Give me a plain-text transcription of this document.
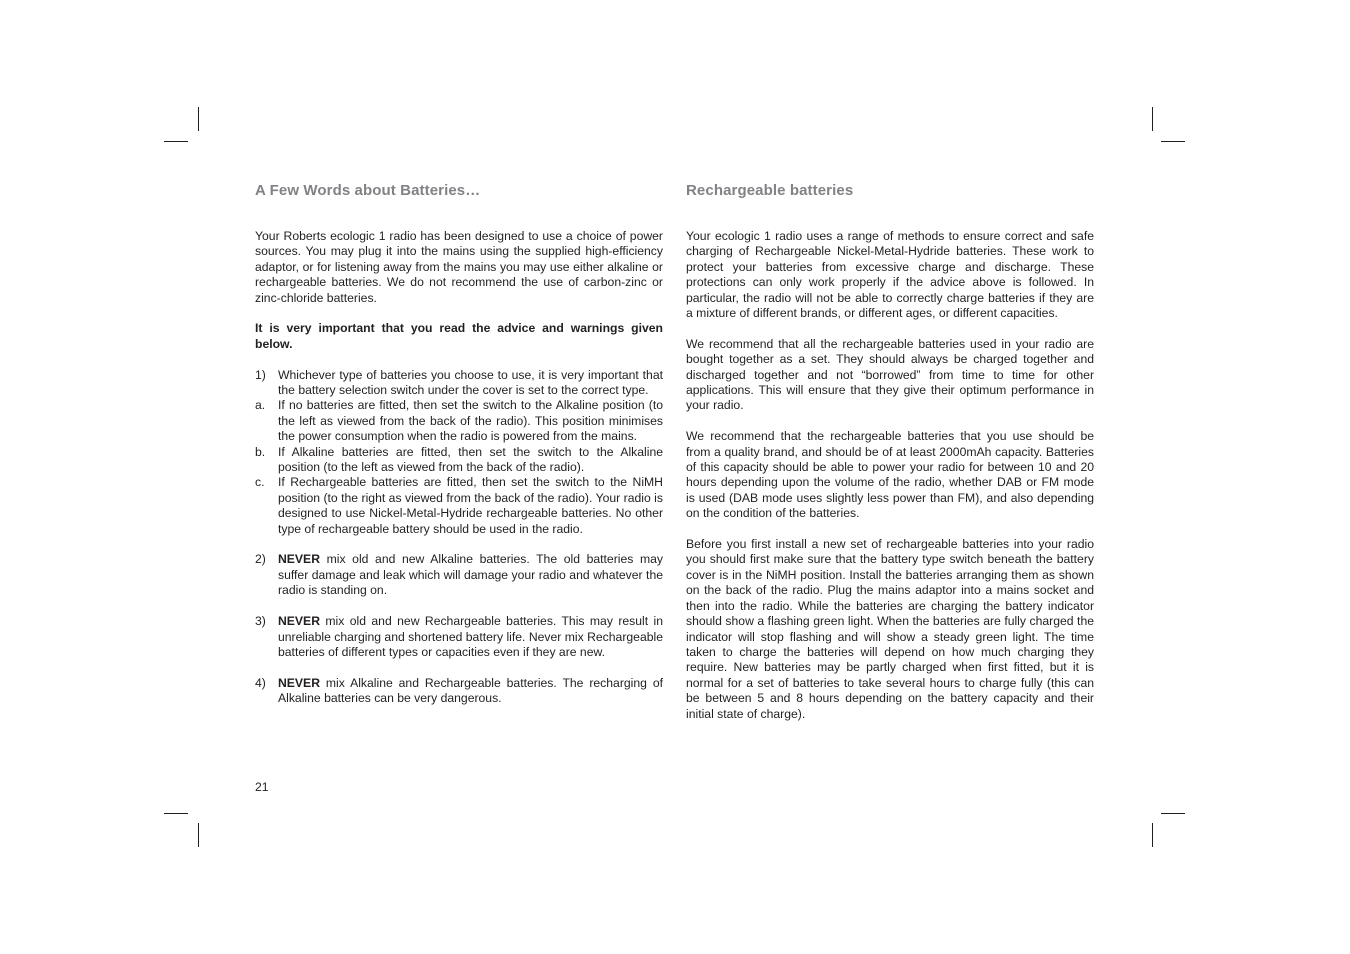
A Few Words about Batteries…

Your Roberts ecologic 1 radio has been designed to use a choice of power sources. You may plug it into the mains using the supplied high-efficiency adaptor, or for listening away from the mains you may use either alkaline or rechargeable batteries. We do not recommend the use of carbon-zinc or zinc-chloride batteries.

It is very important that you read the advice and warnings given below.

1) Whichever type of batteries you choose to use, it is very important that the battery selection switch under the cover is set to the correct type.
a.	If no batteries are fitted, then set the switch to the Alkaline position (to the left as viewed from the back of the radio). This position minimises the power consumption when the radio is powered from the mains.
b.	If Alkaline batteries are fitted, then set the switch to the Alkaline position (to the left as viewed from the back of the radio).
c.	If Rechargeable batteries are fitted, then set the switch to the NiMH position (to the right as viewed from the back of the radio). Your radio is designed to use Nickel-Metal-Hydride rechargeable batteries. No other type of rechargeable battery should be used in the radio.
2) NEVER mix old and new Alkaline batteries. The old batteries may suffer damage and leak which will damage your radio and whatever the radio is standing on.
3) NEVER mix old and new Rechargeable batteries. This may result in unreliable charging and shortened battery life. Never mix Rechargeable batteries of different types or capacities even if they are new.
4) NEVER mix Alkaline and Rechargeable batteries. The recharging of Alkaline batteries can be very dangerous.
Rechargeable batteries

Your ecologic 1 radio uses a range of methods to ensure correct and safe charging of Rechargeable Nickel-Metal-Hydride batteries. These work to protect your batteries from excessive charge and discharge. These protections can only work properly if the advice above is followed. In particular, the radio will not be able to correctly charge batteries if they are a mixture of different brands, or different ages, or different capacities.

We recommend that all the rechargeable batteries used in your radio are bought together as a set. They should always be charged together and discharged together and not “borrowed” from time to time for other applications. This will ensure that they give their optimum performance in your radio.

We recommend that the rechargeable batteries that you use should be from a quality brand, and should be of at least 2000mAh capacity. Batteries of this capacity should be able to power your radio for between 10 and 20 hours depending upon the volume of the radio, whether DAB or FM mode is used (DAB mode uses slightly less power than FM), and also depending on the condition of the batteries.

Before you first install a new set of rechargeable batteries into your radio you should first make sure that the battery type switch beneath the battery cover is in the NiMH position. Install the batteries arranging them as shown on the back of the radio. Plug the mains adaptor into a mains socket and then into the radio. While the batteries are charging the battery indicator should show a flashing green light. When the batteries are fully charged the indicator will stop flashing and will show a steady green light. The time taken to charge the batteries will depend on how much charging they require. New batteries may be partly charged when first fitted, but it is normal for a set of batteries to take several hours to charge fully (this can be between 5 and 8 hours depending on the battery capacity and their initial state of charge).

21
